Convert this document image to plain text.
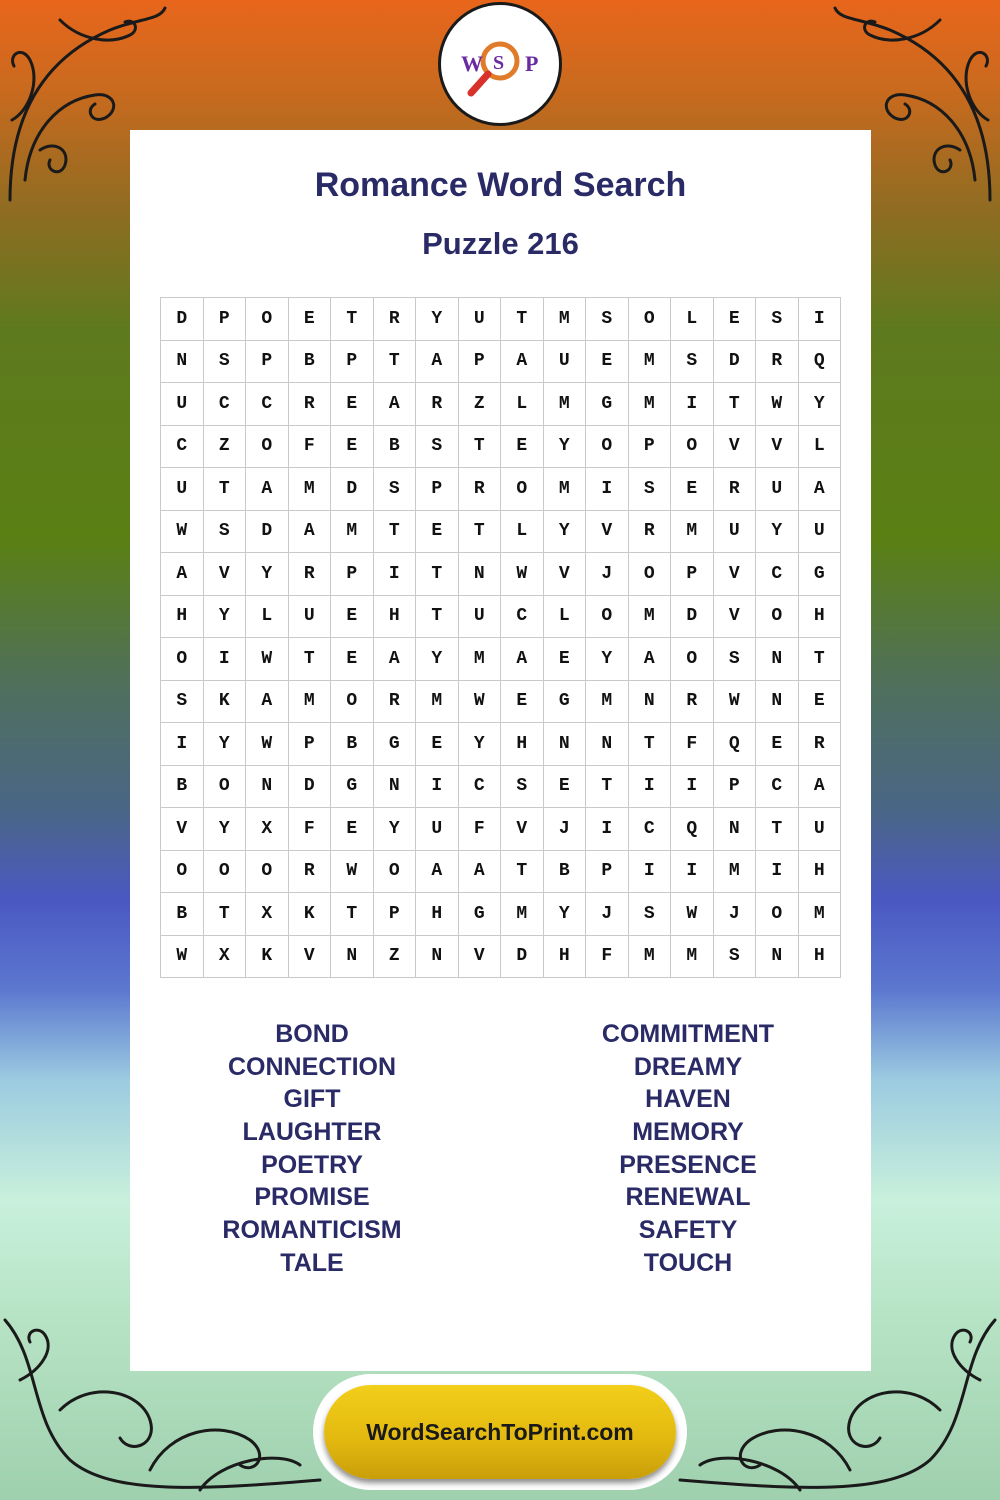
W S P
Romance Word Search
Puzzle 216
D	P	O	E	T	R	Y	U	T	M	S	O	L	E	S	I
N	S	P	B	P	T	A	P	A	U	E	M	S	D	R	Q
U	C	C	R	E	A	R	Z	L	M	G	M	I	T	W	Y
C	Z	O	F	E	B	S	T	E	Y	O	P	O	V	V	L
U	T	A	M	D	S	P	R	O	M	I	S	E	R	U	A
W	S	D	A	M	T	E	T	L	Y	V	R	M	U	Y	U
A	V	Y	R	P	I	T	N	W	V	J	O	P	V	C	G
H	Y	L	U	E	H	T	U	C	L	O	M	D	V	O	H
O	I	W	T	E	A	Y	M	A	E	Y	A	O	S	N	T
S	K	A	M	O	R	M	W	E	G	M	N	R	W	N	E
I	Y	W	P	B	G	E	Y	H	N	N	T	F	Q	E	R
B	O	N	D	G	N	I	C	S	E	T	I	I	P	C	A
V	Y	X	F	E	Y	U	F	V	J	I	C	Q	N	T	U
O	O	O	R	W	O	A	A	T	B	P	I	I	M	I	H
B	T	X	K	T	P	H	G	M	Y	J	S	W	J	O	M
W	X	K	V	N	Z	N	V	D	H	F	M	M	S	N	H
BOND
CONNECTION
GIFT
LAUGHTER
POETRY
PROMISE
ROMANTICISM
TALE
COMMITMENT
DREAMY
HAVEN
MEMORY
PRESENCE
RENEWAL
SAFETY
TOUCH
WordSearchToPrint.com
